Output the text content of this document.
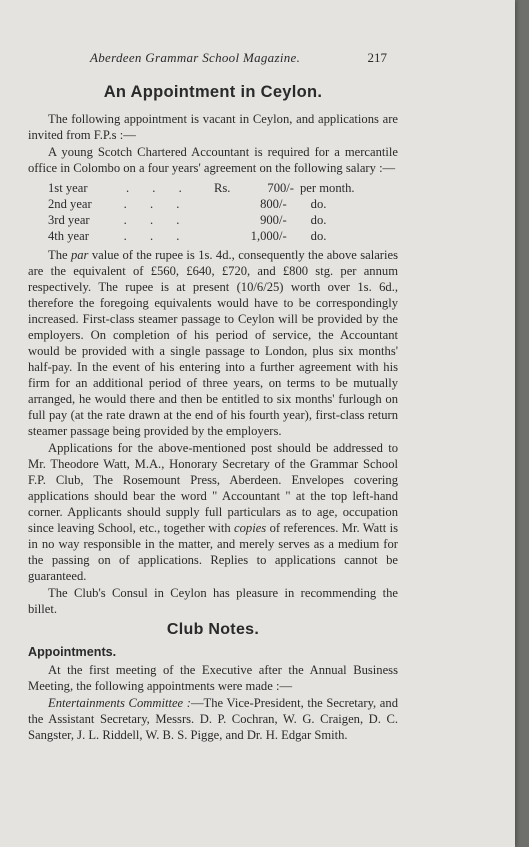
Aberdeen Grammar School Magazine.	217
An Appointment in Ceylon.

The following appointment is vacant in Ceylon, and applications are invited from F.P.s :—

A young Scotch Chartered Accountant is required for a mercantile office in Colombo on a four years' agreement on the following salary :—

1st year	. . .	Rs.	700/- per month.
2nd year	. . .	800/-	do.
3rd year	. . .	900/-	do.
4th year	. . .	1,000/-	do.

The par value of the rupee is 1s. 4d., consequently the above salaries are the equivalent of £560, £640, £720, and £800 stg. per annum respectively. The rupee is at present (10/6/25) worth over 1s. 6d., therefore the foregoing equivalents would have to be correspondingly increased. First-class steamer passage to Ceylon will be provided by the employers. On completion of his period of service, the Accountant would be provided with a single passage to London, plus six months' half-pay. In the event of his entering into a further agreement with his firm for an additional period of three years, on terms to be mutually arranged, he would there and then be entitled to six months' furlough on full pay (at the rate drawn at the end of his fourth year), first-class return steamer passage being provided by the employers.

Applications for the above-mentioned post should be addressed to Mr. Theodore Watt, M.A., Honorary Secretary of the Grammar School F.P. Club, The Rosemount Press, Aberdeen. Envelopes covering applications should bear the word " Accountant " at the top left-hand corner. Applicants should supply full particulars as to age, occupation since leaving School, etc., together with copies of references. Mr. Watt is in no way responsible in the matter, and merely serves as a medium for the passing on of applications. Replies to applications cannot be guaranteed.

The Club's Consul in Ceylon has pleasure in recommending the billet.

Club Notes.
Appointments.

At the first meeting of the Executive after the Annual Business Meeting, the following appointments were made :—

Entertainments Committee :—The Vice-President, the Secretary, and the Assistant Secretary, Messrs. D. P. Cochran, W. G. Craigen, D. C. Sangster, J. L. Riddell, W. B. S. Pigge, and Dr. H. Edgar Smith.
